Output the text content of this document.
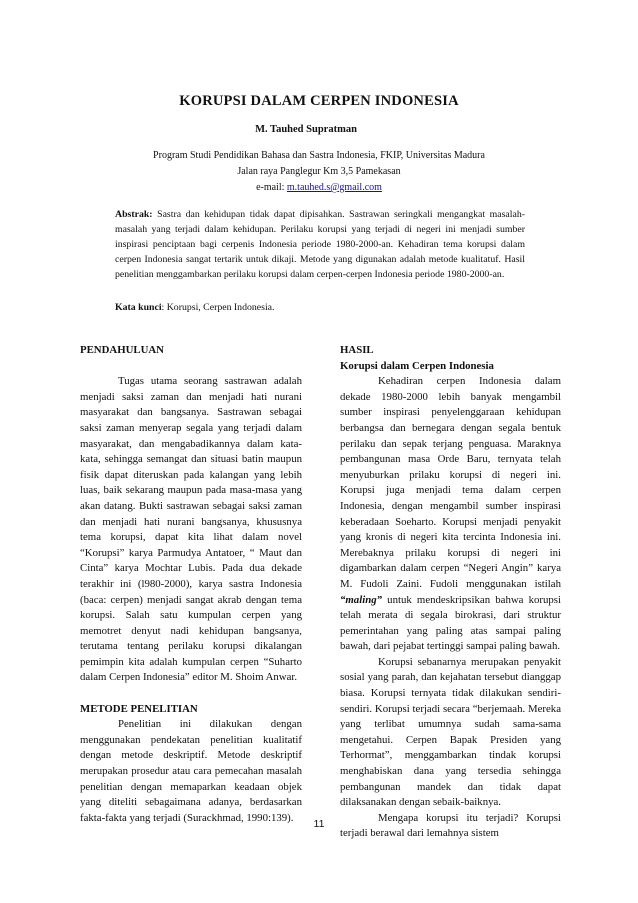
KORUPSI DALAM CERPEN INDONESIA
M. Tauhed Supratman
Program Studi Pendidikan Bahasa dan Sastra Indonesia, FKIP, Universitas Madura
Jalan raya Panglegur Km 3,5 Pamekasan
e-mail: m.tauhed.s@gmail.com
Abstrak: Sastra dan kehidupan tidak dapat dipisahkan. Sastrawan seringkali mengangkat masalah-masalah yang terjadi dalam kehidupan. Perilaku korupsi yang terjadi di negeri ini menjadi sumber inspirasi penciptaan bagi cerpenis Indonesia periode 1980-2000-an. Kehadiran tema korupsi dalam cerpen Indonesia sangat tertarik untuk dikaji. Metode yang digunakan adalah metode kualitatuf. Hasil penelitian menggambarkan perilaku korupsi dalam cerpen-cerpen Indonesia periode 1980-2000-an.
Kata kunci: Korupsi, Cerpen Indonesia.

PENDAHULUAN

Tugas utama seorang sastrawan adalah menjadi saksi zaman dan menjadi hati nurani masyarakat dan bangsanya. Sastrawan sebagai saksi zaman menyerap segala yang terjadi dalam masyarakat, dan mengabadikannya dalam kata-kata, sehingga semangat dan situasi batin maupun fisik dapat diteruskan pada kalangan yang lebih luas, baik sekarang maupun pada masa-masa yang akan datang. Bukti sastrawan sebagai saksi zaman dan menjadi hati nurani bangsanya, khususnya tema korupsi, dapat kita lihat dalam novel “Korupsi” karya Parmudya Antatoer, “ Maut dan Cinta” karya Mochtar Lubis. Pada dua dekade terakhir ini (l980-2000), karya sastra Indonesia (baca: cerpen) menjadi sangat akrab dengan tema korupsi. Salah satu kumpulan cerpen yang memotret denyut nadi kehidupan bangsanya, terutama tentang perilaku korupsi dikalangan pemimpin kita adalah kumpulan cerpen “Suharto dalam Cerpen Indonesia” editor M. Shoim Anwar.

METODE PENELITIAN

Penelitian ini dilakukan dengan menggunakan pendekatan penelitian kualitatif dengan metode deskriptif. Metode deskriptif merupakan prosedur atau cara pemecahan masalah penelitian dengan memaparkan keadaan objek yang diteliti sebagaimana adanya, berdasarkan fakta-fakta yang terjadi (Surackhmad, 1990:139).

HASIL

Korupsi dalam Cerpen Indonesia

Kehadiran cerpen Indonesia dalam dekade 1980-2000 lebih banyak mengambil sumber inspirasi penyelenggaraan kehidupan berbangsa dan bernegara dengan segala bentuk perilaku dan sepak terjang penguasa. Maraknya pembangunan masa Orde Baru, ternyata telah menyuburkan prilaku korupsi di negeri ini. Korupsi juga menjadi tema dalam cerpen Indonesia, dengan mengambil sumber inspirasi keberadaan Soeharto. Korupsi menjadi penyakit yang kronis di negeri kita tercinta Indonesia ini. Merebaknya prilaku korupsi di negeri ini digambarkan dalam cerpen “Negeri Angin” karya M. Fudoli Zaini. Fudoli menggunakan istilah “maling” untuk mendeskripsikan bahwa korupsi telah merata di segala birokrasi, dari struktur pemerintahan yang paling atas sampai paling bawah, dari pejabat tertinggi sampai paling bawah.

Korupsi sebanarnya merupakan penyakit sosial yang parah, dan kejahatan tersebut dianggap biasa. Korupsi ternyata tidak dilakukan sendiri-sendiri. Korupsi terjadi secara “berjemaah. Mereka yang terlibat umumnya sudah sama-sama mengetahui. Cerpen Bapak Presiden yang Terhormat”, menggambarkan tindak korupsi menghabiskan dana yang tersedia sehingga pembangunan mandek dan tidak dapat dilaksanakan dengan sebaik-baiknya.

Mengapa korupsi itu terjadi? Korupsi terjadi berawal dari lemahnya sistem

11
